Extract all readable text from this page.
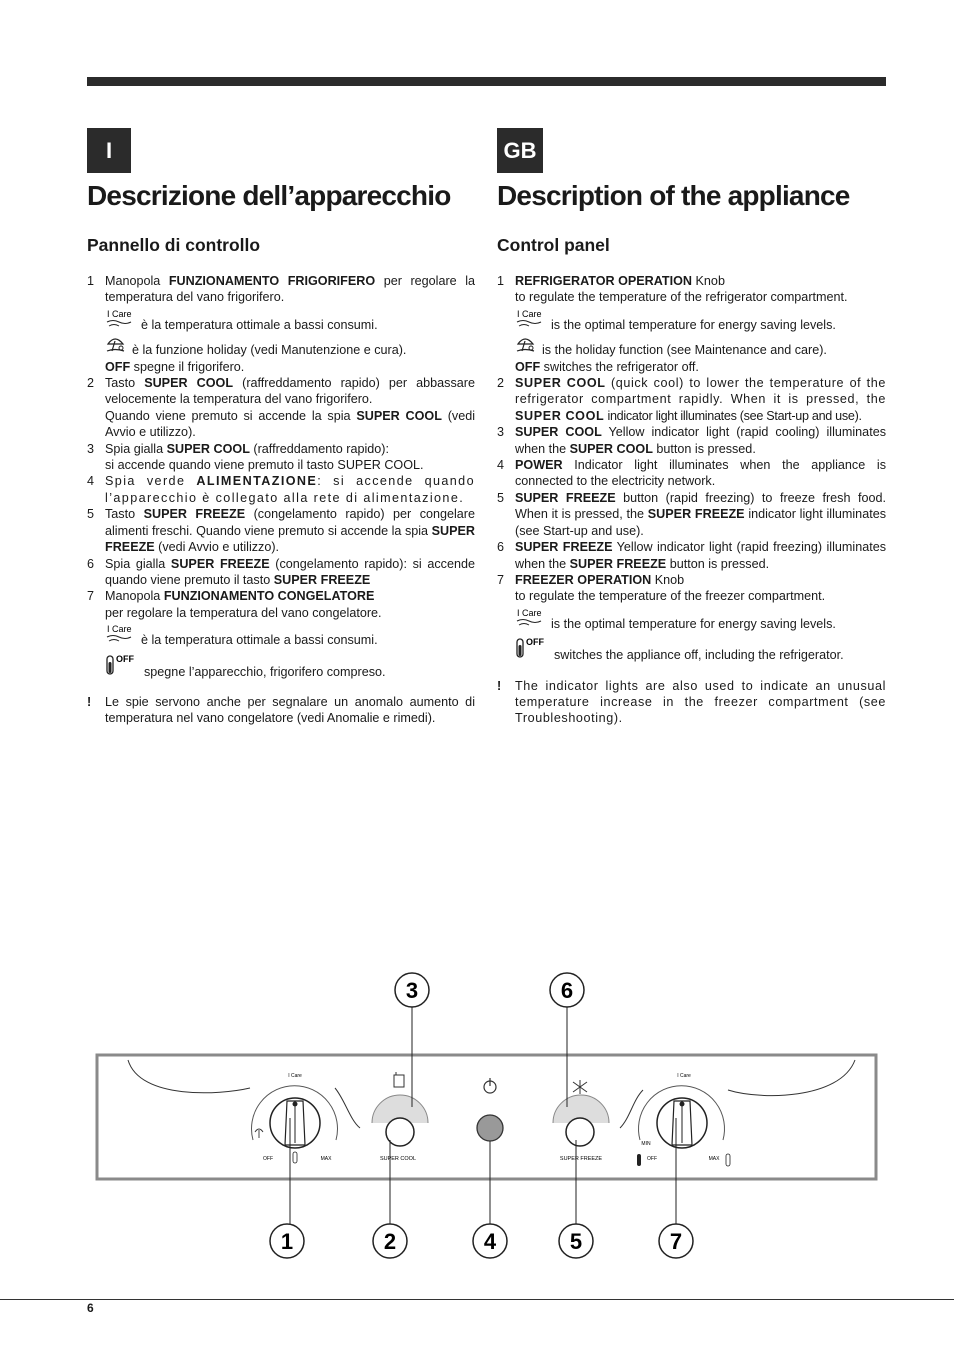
I	GB
Descrizione dell’apparecchio Description of the appliance
Pannello di controllo	Control panel
1 Manopola FUNZIONAMENTO FRIGORIFERO per regolare la temperatura del vano frigorifero.
I Care
è la temperatura ottimale a bassi consumi.
è la funzione holiday (vedi Manutenzione e cura).
OFF spegne il frigorifero.
2 Tasto SUPER COOL (raffreddamento rapido) per abbassare velocemente la temperatura del vano frigorifero.
Quando viene premuto si accende la spia SUPER COOL (vedi Avvio e utilizzo).
3 Spia gialla SUPER COOL (raffreddamento rapido):
si accende quando viene premuto il tasto SUPER COOL.
4 Spia verde ALIMENTAZIONE: si accende quando l’apparecchio è collegato alla rete di alimentazione.
5 Tasto SUPER FREEZE (congelamento rapido) per congelare alimenti freschi. Quando viene premuto si accende la spia SUPER FREEZE (vedi Avvio e utilizzo).
6 Spia gialla SUPER FREEZE (congelamento rapido): si accende quando viene premuto il tasto SUPER FREEZE
7 Manopola FUNZIONAMENTO CONGELATORE
per regolare la temperatura del vano congelatore.
I Care
è la temperatura ottimale a bassi consumi.
OFF
spegne l’apparecchio, frigorifero compreso.
! Le spie servono anche per segnalare un anomalo aumento di temperatura nel vano congelatore (vedi Anomalie e rimedi).
1 REFRIGERATOR OPERATION Knob
to regulate the temperature of the refrigerator compartment.
I Care
is the optimal temperature for energy saving levels.
is the holiday function (see Maintenance and care).
OFF switches the refrigerator off.
2 SUPER COOL (quick cool) to lower the temperature of the refrigerator compartment rapidly. When it is pressed, the SUPER COOL indicator light illuminates (see Start-up and use).
3 SUPER COOL Yellow indicator light (rapid cooling) illuminates when the SUPER COOL button is pressed.
4 POWER Indicator light illuminates when the appliance is connected to the electricity network.
5 SUPER FREEZE button (rapid freezing) to freeze fresh food. When it is pressed, the SUPER FREEZE indicator light illuminates (see Start-up and use).
6 SUPER FREEZE Yellow indicator light (rapid freezing) illuminates when the SUPER FREEZE button is pressed.
7 FREEZER OPERATION Knob
to regulate the temperature of the freezer compartment.
I Care
is the optimal temperature for energy saving levels.
OFF
switches the appliance off, including the refrigerator.
! The indicator lights are also used to indicate an unusual temperature increase in the freezer compartment (see Troubleshooting).
I Care
OFF	MAX	SUPER COOL	SUPER FREEZE
I Care
MIN
OFF	MAX
3	6
1	2	4	5	7
6
